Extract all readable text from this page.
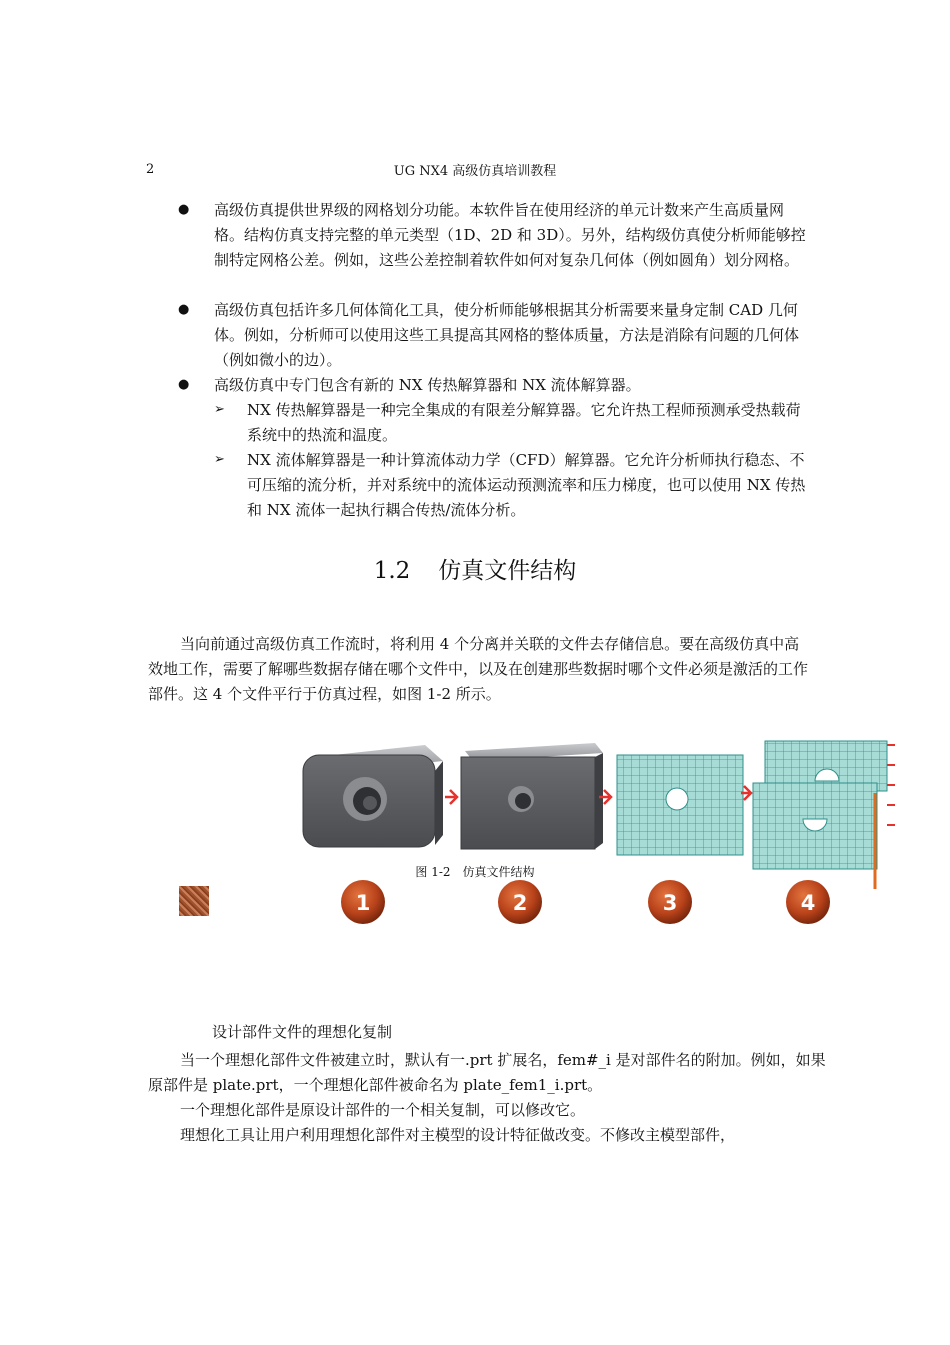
2	UG NX4 高级仿真培训教程
● 高级仿真提供世界级的网格划分功能。本软件旨在使用经济的单元计数来产生高质量网格。结构仿真支持完整的单元类型（1D、2D 和 3D）。另外，结构级仿真使分析师能够控制特定网格公差。例如，这些公差控制着软件如何对复杂几何体（例如圆角）划分网格。
● 高级仿真包括许多几何体简化工具，使分析师能够根据其分析需要来量身定制 CAD 几何体。例如，分析师可以使用这些工具提高其网格的整体质量，方法是消除有问题的几何体（例如微小的边）。
● 高级仿真中专门包含有新的 NX 传热解算器和 NX 流体解算器。
➢ NX 传热解算器是一种完全集成的有限差分解算器。它允许热工程师预测承受热载荷系统中的热流和温度。
➢ NX 流体解算器是一种计算流体动力学（CFD）解算器。它允许分析师执行稳态、不可压缩的流分析，并对系统中的流体运动预测流率和压力梯度，也可以使用 NX 传热和 NX 流体一起执行耦合传热/流体分析。
1.2 仿真文件结构
当向前通过高级仿真工作流时，将利用 4 个分离并关联的文件去存储信息。要在高级仿真中高效地工作，需要了解哪些数据存储在哪个文件中，以及在创建那些数据时哪个文件必须是激活的工作部件。这 4 个文件平行于仿真过程，如图 1-2 所示。
1	2	3	4
图 1-2　仿真文件结构
设计部件文件的理想化复制
当一个理想化部件文件被建立时，默认有一.prt 扩展名，fem#_i 是对部件名的附加。例如，如果原部件是 plate.prt，一个理想化部件被命名为 plate_fem1_i.prt。
一个理想化部件是原设计部件的一个相关复制，可以修改它。
理想化工具让用户利用理想化部件对主模型的设计特征做改变。不修改主模型部件，
